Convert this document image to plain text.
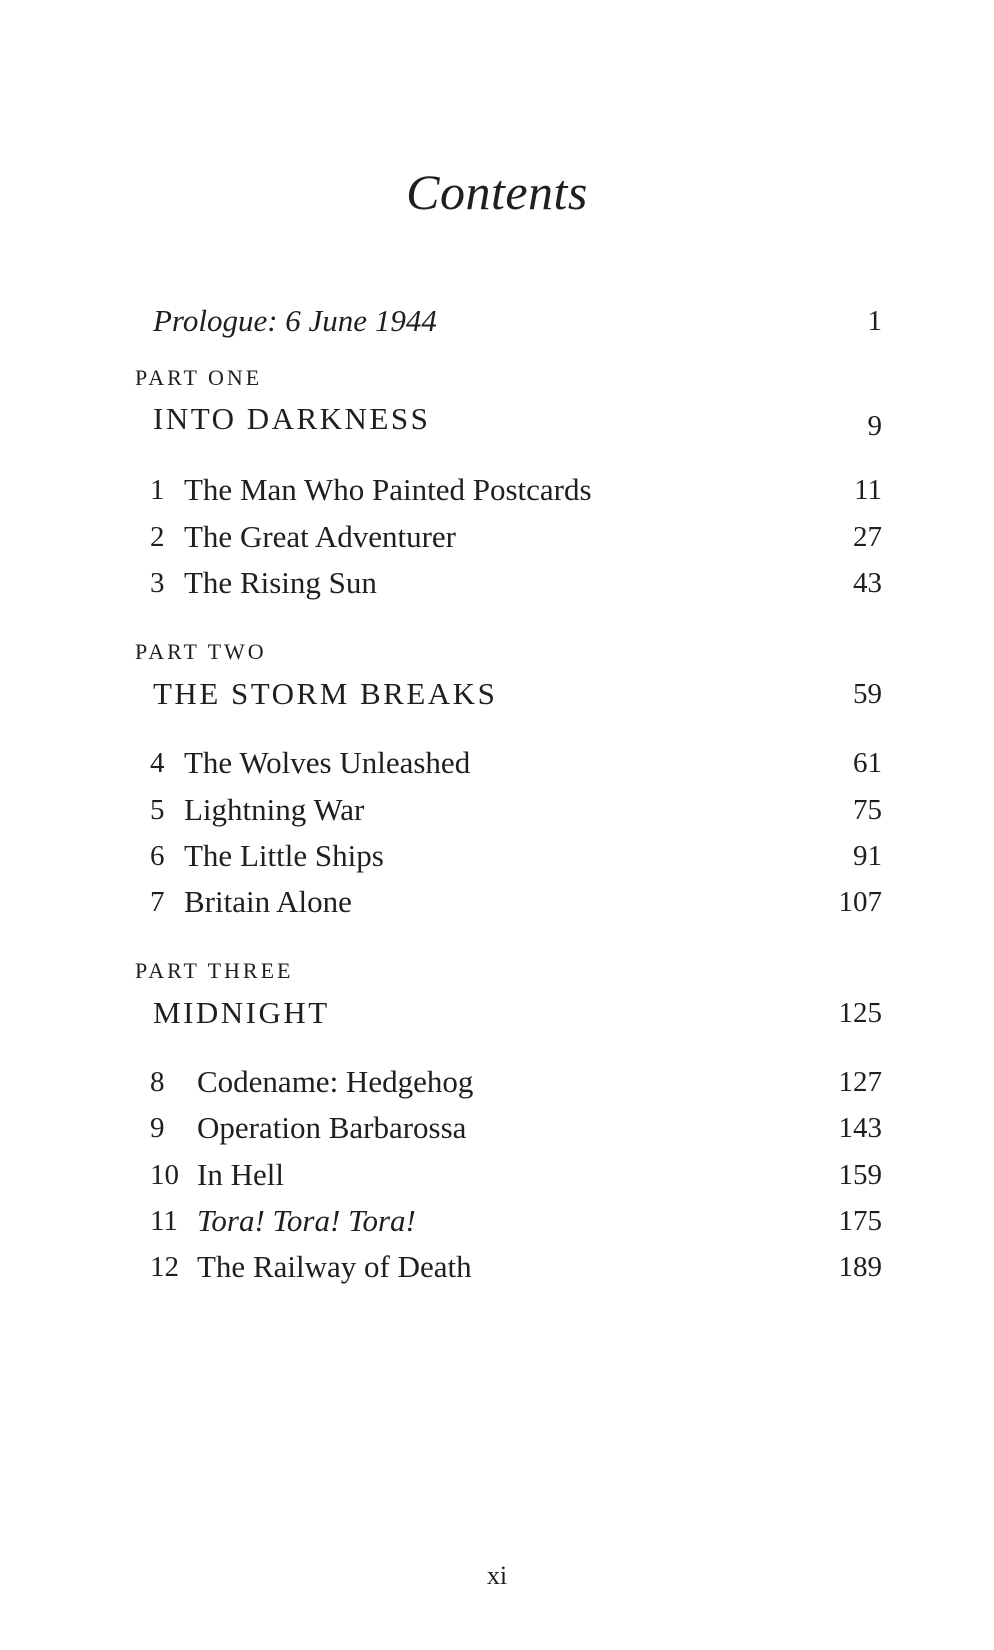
Contents
Prologue: 6 June 1944	1
PART ONE
INTO DARKNESS	9
1 The Man Who Painted Postcards	11
2 The Great Adventurer	27
3 The Rising Sun	43
PART TWO
THE STORM BREAKS	59
4 The Wolves Unleashed	61
5 Lightning War	75
6 The Little Ships	91
7 Britain Alone	107
PART THREE
MIDNIGHT	125
8 Codename: Hedgehog	127
9 Operation Barbarossa	143
10 In Hell	159
11 Tora! Tora! Tora!	175
12 The Railway of Death	189
xi
